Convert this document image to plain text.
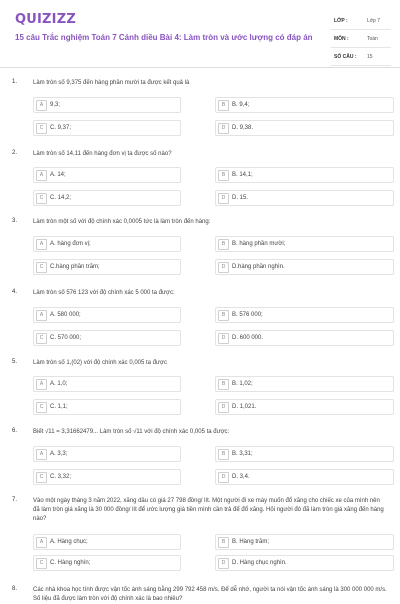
QUIZIZZ
15 câu Trắc nghiệm Toán 7 Cánh diều Bài 4: Làm tròn và ước lượng có đáp án
LỚP :	Lớp 7
MÔN :	Toán
SỐ CÂU : 15
1.	Làm tròn số 9,375 đến hàng phần mười ta được kết quả là
A	9,3;	B	B. 9,4;
C	C. 9,37;	D	D. 9,38.
2.	Làm tròn số 14,11 đến hàng đơn vị ta được số nào?
A	A. 14;	B	B. 14,1;
C	C. 14,2;	D	D. 15.
3.	Làm tròn một số với độ chính xác 0,0005 tức là làm tròn đến hàng:
A	A. hàng đơn vị;	B	B. hàng phần mười;
C	C.hàng phần trăm;	D	D.hàng phần nghìn.
4.	Làm tròn số 576 123 với độ chính xác 5 000 ta được:
A	A. 580 000;	B	B. 576 000;
C	C. 570 000;	D	D. 600 000.
5.	Làm tròn số 1,(02) với độ chính xác 0,005 ta được
A	A. 1,0;	B	B. 1,02;
C	C. 1,1;	D	D. 1,021.
6.	Biết √11 = 3,31662479... Làm tròn số √11 với độ chính xác 0,005 ta được:
A	A. 3,3;	B	B. 3,31;
C	C. 3,32;	D	D. 3,4.
7.	Vào một ngày tháng 3 năm 2022, xăng dầu có giá 27 798 đồng/ lít. Một người đi xe máy muốn đổ xăng cho chiếc xe của mình nên đã làm tròn giá xăng là 30 000 đồng/ lít để ước lượng giá tiền mình cần trả để đổ xăng. Hỏi người đó đã làm tròn giá xăng đến hàng nào?
A	A. Hàng chục;	B	B. Hàng trăm;
C	C. Hàng nghìn;	D	D. Hàng chục nghìn.
8.	Các nhà khoa học tính được vận tốc ánh sáng bằng 299 792 458 m/s. Để dễ nhớ, người ta nói vận tốc ánh sáng là 300 000 000 m/s. Số liệu đã được làm tròn với độ chính xác là bao nhiêu?
